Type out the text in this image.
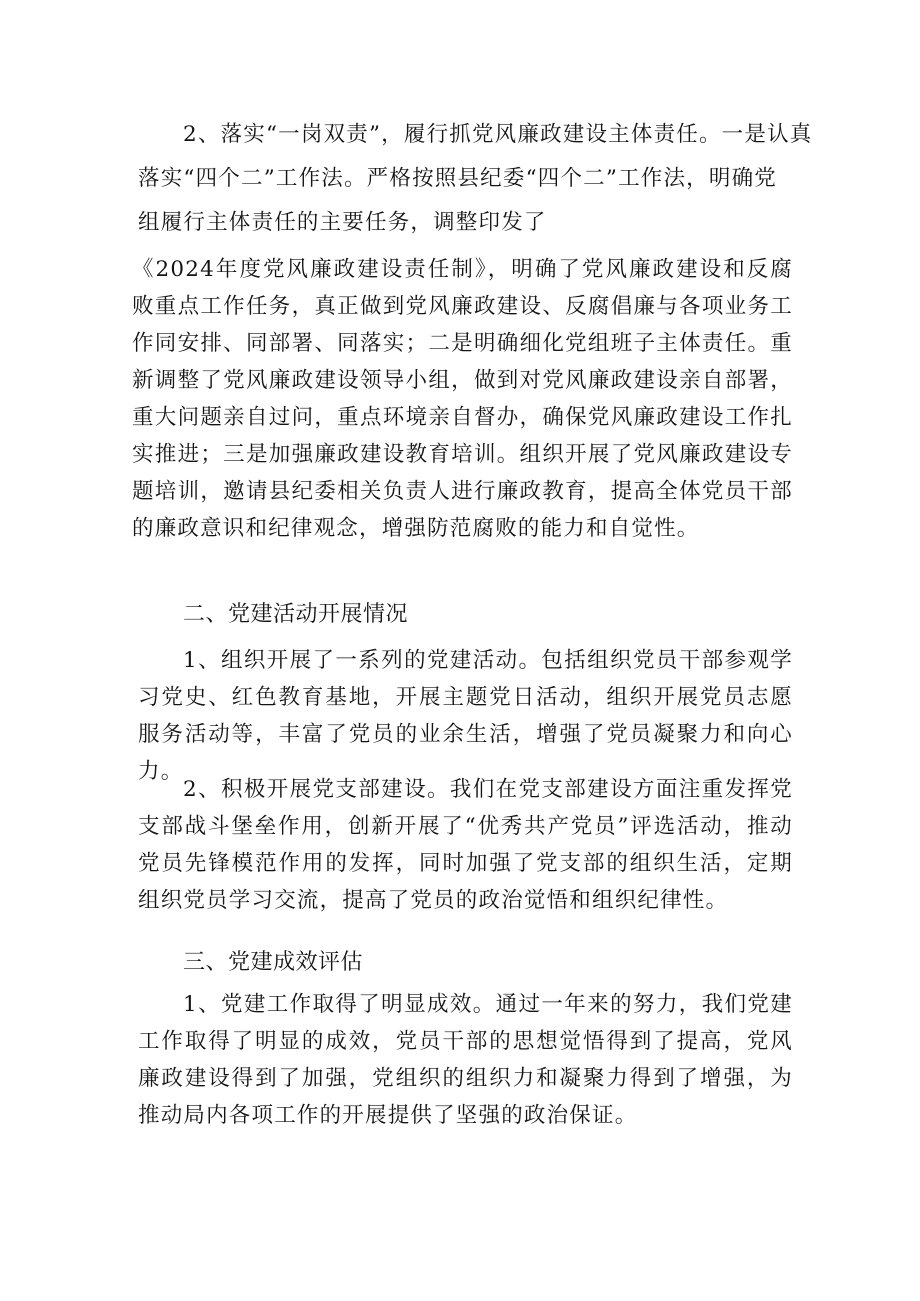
2、落实“一岗双责”，履行抓党风廉政建设主体责任。一是认真

落实“四个二”工作法。严格按照县纪委“四个二”工作法，明确党

组履行主体责任的主要任务，调整印发了

《2024年度党风廉政建设责任制》，明确了党风廉政建设和反腐败重点工作任务，真正做到党风廉政建设、反腐倡廉与各项业务工作同安排、同部署、同落实；二是明确细化党组班子主体责任。重新调整了党风廉政建设领导小组，做到对党风廉政建设亲自部署，重大问题亲自过问，重点环境亲自督办，确保党风廉政建设工作扎实推进；三是加强廉政建设教育培训。组织开展了党风廉政建设专题培训，邀请县纪委相关负责人进行廉政教育，提高全体党员干部的廉政意识和纪律观念，增强防范腐败的能力和自觉性。

二、党建活动开展情况

1、组织开展了一系列的党建活动。包括组织党员干部参观学习党史、红色教育基地，开展主题党日活动，组织开展党员志愿服务活动等，丰富了党员的业余生活，增强了党员凝聚力和向心力。

2、积极开展党支部建设。我们在党支部建设方面注重发挥党支部战斗堡垒作用，创新开展了“优秀共产党员”评选活动，推动党员先锋模范作用的发挥，同时加强了党支部的组织生活，定期组织党员学习交流，提高了党员的政治觉悟和组织纪律性。

三、党建成效评估

1、党建工作取得了明显成效。通过一年来的努力，我们党建工作取得了明显的成效，党员干部的思想觉悟得到了提高，党风廉政建设得到了加强，党组织的组织力和凝聚力得到了增强，为推动局内各项工作的开展提供了坚强的政治保证。
